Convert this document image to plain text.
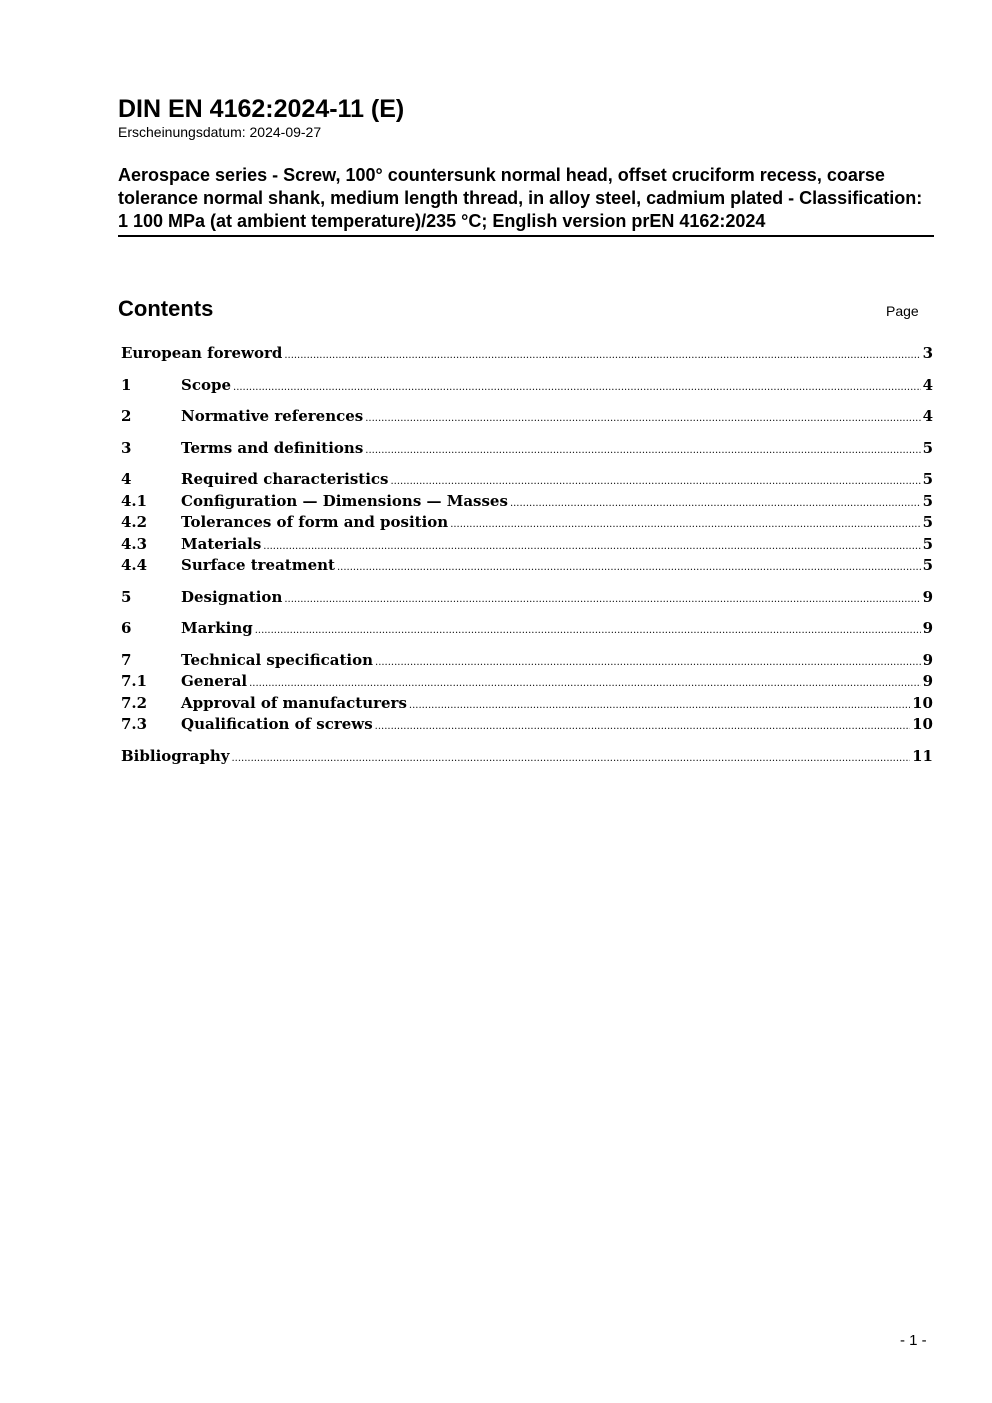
DIN EN 4162:2024-11 (E)

Erscheinungsdatum: 2024-09-27

Aerospace series - Screw, 100° countersunk normal head, offset cruciform recess, coarse tolerance normal shank, medium length thread, in alloy steel, cadmium plated - Classification: 1 100 MPa (at ambient temperature)/235 °C; English version prEN 4162:2024

Contents	Page
European foreword .....	3
1	Scope .....	4
2	Normative references .....	4
3	Terms and definitions .....	5
4	Required characteristics .....	5
4.1	Configuration — Dimensions — Masses .....	5
4.2	Tolerances of form and position .....	5
4.3	Materials .....	5
4.4	Surface treatment .....	5
5	Designation .....	9
6	Marking .....	9
7	Technical specification .....	9
7.1	General .....	9
7.2	Approval of manufacturers .....	10
7.3	Qualification of screws .....	10
Bibliography .....	11
- 1 -
